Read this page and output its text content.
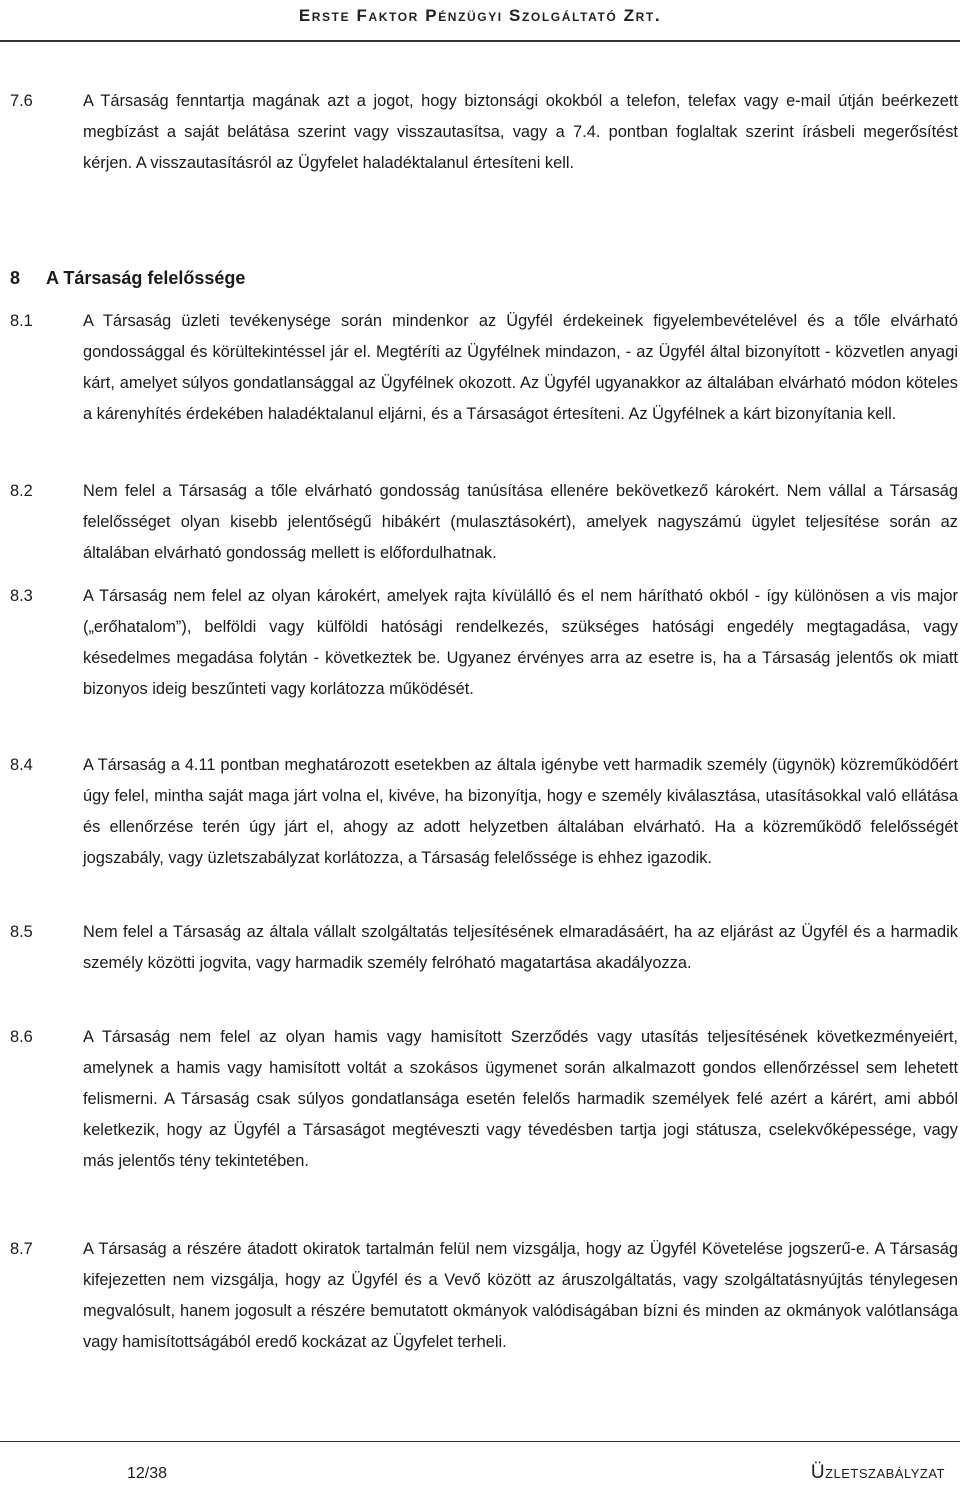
Erste Faktor Pénzügyi Szolgáltató Zrt.
7.6	A Társaság fenntartja magának azt a jogot, hogy biztonsági okokból a telefon, telefax vagy e-mail útján beérkezett megbízást a saját belátása szerint vagy visszautasítsa, vagy a 7.4. pontban foglaltak szerint írásbeli megerősítést kérjen. A visszautasításról az Ügyfelet haladéktalanul értesíteni kell.
8 A Társaság felelőssége
8.1	A Társaság üzleti tevékenysége során mindenkor az Ügyfél érdekeinek figyelembevételével és a tőle elvárható gondossággal és körültekintéssel jár el. Megtéríti az Ügyfélnek mindazon, - az Ügyfél által bizonyított - közvetlen anyagi kárt, amelyet súlyos gondatlansággal az Ügyfélnek okozott. Az Ügyfél ugyanakkor az általában elvárható módon köteles a kárenyhítés érdekében haladéktalanul eljárni, és a Társaságot értesíteni. Az Ügyfélnek a kárt bizonyítania kell.
8.2	Nem felel a Társaság a tőle elvárható gondosság tanúsítása ellenére bekövetkező károkért. Nem vállal a Társaság felelősséget olyan kisebb jelentőségű hibákért (mulasztásokért), amelyek nagyszámú ügylet teljesítése során az általában elvárható gondosság mellett is előfordulhatnak.
8.3	A Társaság nem felel az olyan károkért, amelyek rajta kívülálló és el nem hárítható okból - így különösen a vis major („erőhatalom”), belföldi vagy külföldi hatósági rendelkezés, szükséges hatósági engedély megtagadása, vagy késedelmes megadása folytán - következtek be. Ugyanez érvényes arra az esetre is, ha a Társaság jelentős ok miatt bizonyos ideig beszűnteti vagy korlátozza működését.
8.4	A Társaság a 4.11 pontban meghatározott esetekben az általa igénybe vett harmadik személy (ügynök) közreműködőért úgy felel, mintha saját maga járt volna el, kivéve, ha bizonyítja, hogy e személy kiválasztása, utasításokkal való ellátása és ellenőrzése terén úgy járt el, ahogy az adott helyzetben általában elvárható. Ha a közreműködő felelősségét jogszabály, vagy üzletszabályzat korlátozza, a Társaság felelőssége is ehhez igazodik.
8.5	Nem felel a Társaság az általa vállalt szolgáltatás teljesítésének elmaradásáért, ha az eljárást az Ügyfél és a harmadik személy közötti jogvita, vagy harmadik személy felróható magatartása akadályozza.
8.6	A Társaság nem felel az olyan hamis vagy hamisított Szerződés vagy utasítás teljesítésének következményeiért, amelynek a hamis vagy hamisított voltát a szokásos ügymenet során alkalmazott gondos ellenőrzéssel sem lehetett felismerni. A Társaság csak súlyos gondatlansága esetén felelős harmadik személyek felé azért a kárért, ami abból keletkezik, hogy az Ügyfél a Társaságot megtéveszti vagy tévedésben tartja jogi státusza, cselekvőképessége, vagy más jelentős tény tekintetében.
8.7	A Társaság a részére átadott okiratok tartalmán felül nem vizsgálja, hogy az Ügyfél Követelése jogszerű-e. A Társaság kifejezetten nem vizsgálja, hogy az Ügyfél és a Vevő között az áruszolgáltatás, vagy szolgáltatásnyújtás ténylegesen megvalósult, hanem jogosult a részére bemutatott okmányok valódiságában bízni és minden az okmányok valótlansága vagy hamisítottságából eredő kockázat az Ügyfelet terheli.
12/38	Üzletszabályzat
